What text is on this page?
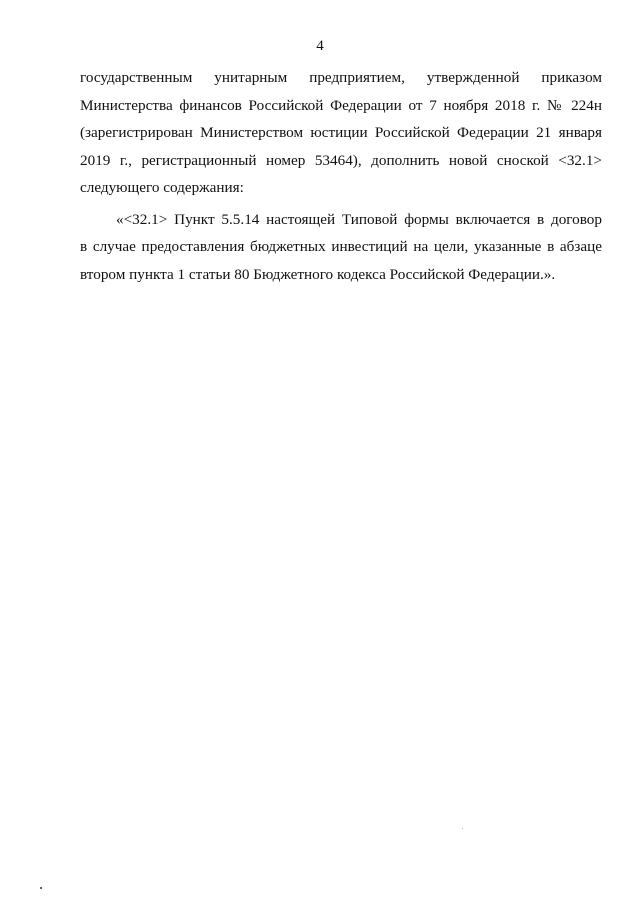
4
государственным унитарным предприятием, утвержденной приказом
Министерства финансов Российской Федерации от 7 ноября 2018 г. № 224н
(зарегистрирован Министерством юстиции Российской Федерации 21 января
2019 г., регистрационный номер 53464), дополнить новой сноской <32.1>
следующего содержания:
«<32.1> Пункт 5.5.14 настоящей Типовой формы включается в договор
в случае предоставления бюджетных инвестиций на цели, указанные в абзаце
втором пункта 1 статьи 80 Бюджетного кодекса Российской Федерации.».
